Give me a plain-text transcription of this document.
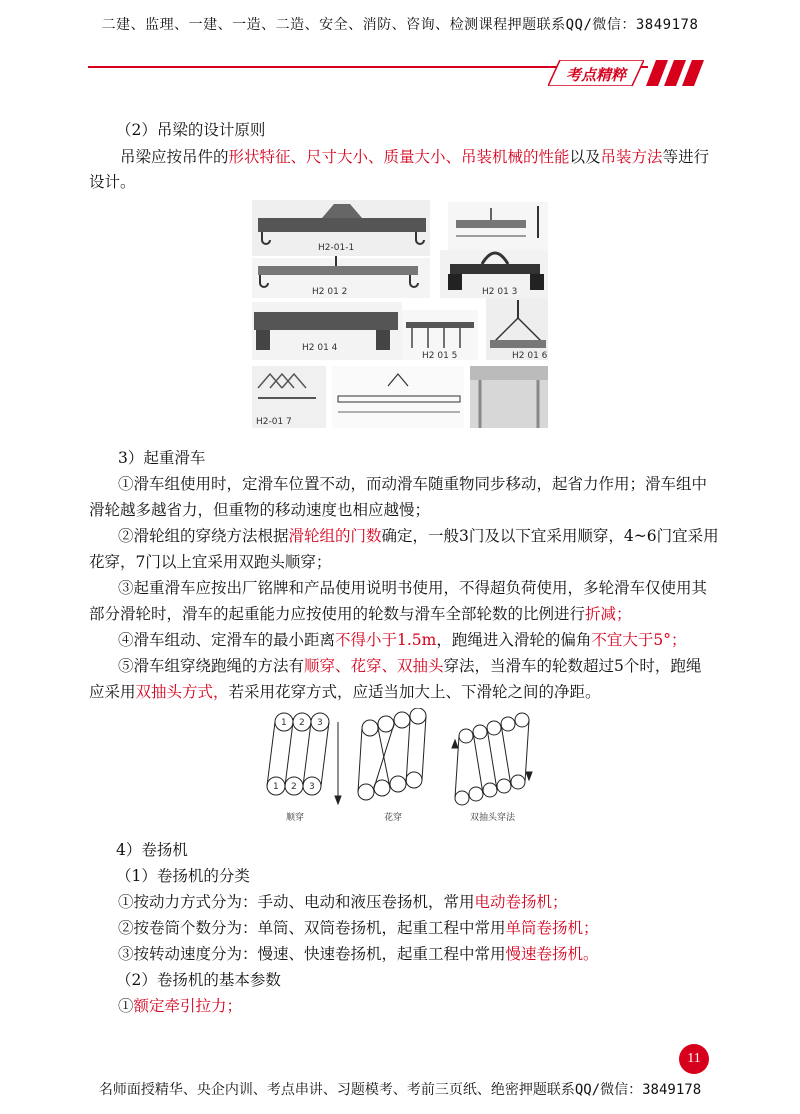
二建、监理、一建、一造、二造、安全、消防、咨询、检测课程押题联系QQ/微信：3849178
考点精粹
（2）吊梁的设计原则
吊梁应按吊件的形状特征、尺寸大小、质量大小、吊装机械的性能以及吊装方法等进行
设计。
H2-01-1
H2 01 2	H2 01 3
H2 01 4
H2 01 5	H2 01 6
H2-01 7
3）起重滑车
①滑车组使用时，定滑车位置不动，而动滑车随重物同步移动，起省力作用；滑车组中
滑轮越多越省力，但重物的移动速度也相应越慢；
②滑轮组的穿绕方法根据滑轮组的门数确定，一般3门及以下宜采用顺穿，4~6门宜采用
花穿，7门以上宜采用双跑头顺穿；
③起重滑车应按出厂铭牌和产品使用说明书使用，不得超负荷使用，多轮滑车仅使用其
部分滑轮时，滑车的起重能力应按使用的轮数与滑车全部轮数的比例进行折减；
④滑车组动、定滑车的最小距离不得小于1.5m，跑绳进入滑轮的偏角不宜大于5°；
⑤滑车组穿绕跑绳的方法有顺穿、花穿、双抽头穿法，当滑车的轮数超过5个时，跑绳
应采用双抽头方式，若采用花穿方式，应适当加大上、下滑轮之间的净距。
1 2 3
1 2 3
顺穿	花穿	双抽头穿法
4）卷扬机
（1）卷扬机的分类
①按动力方式分为：手动、电动和液压卷扬机，常用电动卷扬机；
②按卷筒个数分为：单筒、双筒卷扬机，起重工程中常用单筒卷扬机；
③按转动速度分为：慢速、快速卷扬机，起重工程中常用慢速卷扬机。
（2）卷扬机的基本参数
①额定牵引拉力；
11
名师面授精华、央企内训、考点串讲、习题模考、考前三页纸、绝密押题联系QQ/微信：3849178
